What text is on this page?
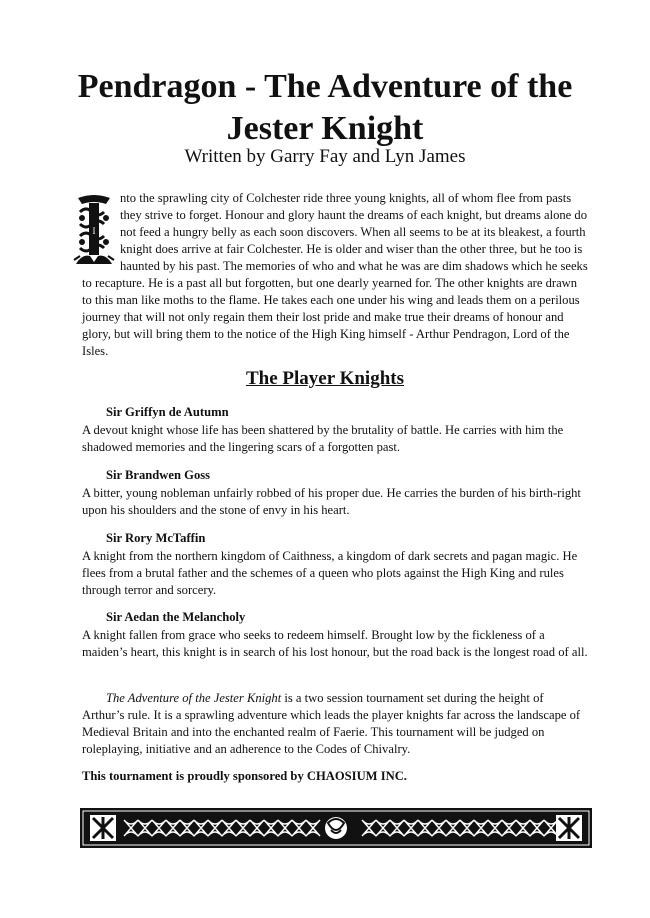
Pendragon - The Adventure of the Jester Knight

Written by Garry Fay and Lyn James

I
nto the sprawling city of Colchester ride three young knights, all of whom flee from pasts they strive to forget. Honour and glory haunt the dreams of each knight, but dreams alone do not feed a hungry belly as each soon discovers. When all seems to be at its bleakest, a fourth knight does arrive at fair Colchester. He is older and wiser than the other three, but he too is haunted by his past. The memories of who and what he was are dim shadows which he seeks to recapture. He is a past all but forgotten, but one dearly yearned for. The other knights are drawn to this man like moths to the flame. He takes each one under his wing and leads them on a perilous journey that will not only regain them their lost pride and make true their dreams of honour and glory, but will bring them to the notice of the High King himself - Arthur Pendragon, Lord of the Isles.

The Player Knights

Sir Griffyn de Autumn

A devout knight whose life has been shattered by the brutality of battle. He carries with him the shadowed memories and the lingering scars of a forgotten past.

Sir Brandwen Goss

A bitter, young nobleman unfairly robbed of his proper due. He carries the burden of his birth-right upon his shoulders and the stone of envy in his heart.

Sir Rory McTaffin

A knight from the northern kingdom of Caithness, a kingdom of dark secrets and pagan magic. He flees from a brutal father and the schemes of a queen who plots against the High King and rules through terror and sorcery.

Sir Aedan the Melancholy

A knight fallen from grace who seeks to redeem himself. Brought low by the fickleness of a maiden’s heart, this knight is in search of his lost honour, but the road back is the longest road of all.

The Adventure of the Jester Knight is a two session tournament set during the height of Arthur’s rule. It is a sprawling adventure which leads the player knights far across the landscape of Medieval Britain and into the enchanted realm of Faerie. This tournament will be judged on roleplaying, initiative and an adherence to the Codes of Chivalry.

This tournament is proudly sponsored by CHAOSIUM INC.
